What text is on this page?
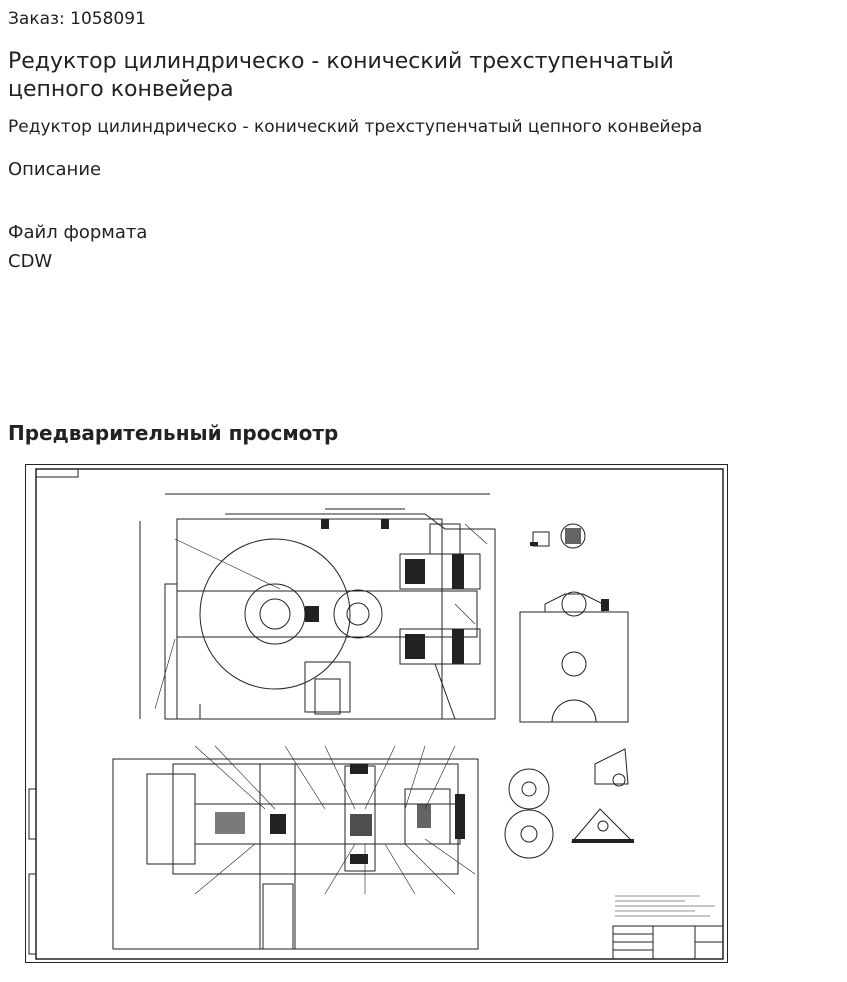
Заказ: 1058091
Редуктор цилиндрическо - конический трехступенчатый цепного конвейера
Редуктор цилиндрическо - конический трехступенчатый цепного конвейера
Описание
Файл формата
CDW
Предварительный просмотр
